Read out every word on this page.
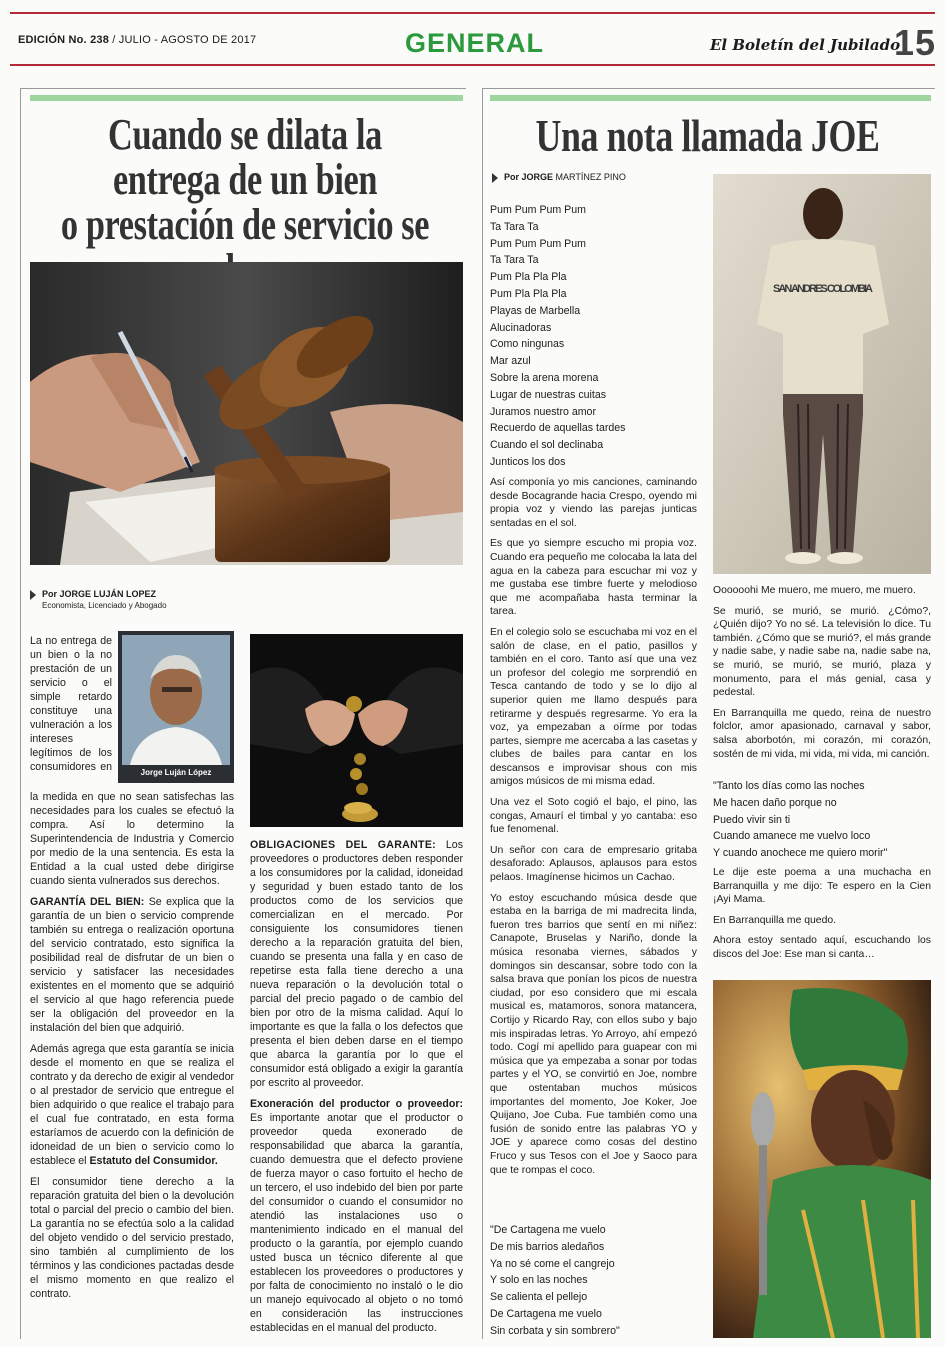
EDICIÓN No. 238 / JULIO - AGOSTO DE 2017	GENERAL	El Boletín del Jubilado
15
Cuando se dilata la entrega de un bien
o prestación de servicio se
Por JORGE LUJÁN LOPEZ
Economista, Licenciado y Abogado
Jorge Luján López
La no entrega de
un bien o la no
prestación de un
servicio o el
simple retardo
constituye una
vulneración a los
intereses
legítimos de los
consumidores en

la medida en que no sean satisfechas las necesidades para los cuales se efectuó la compra. Así lo determino la Superintendencia de Industria y Comercio por medio de la una sentencia. Es esta la Entidad a la cual usted debe dirigirse cuando sienta vulnerados sus derechos.

GARANTÍA DEL BIEN: Se explica que la garantía de un bien o servicio comprende también su entrega o realización oportuna del servicio contratado, esto significa la posibilidad real de disfrutar de un bien o servicio y satisfacer las necesidades existentes en el momento que se adquirió el servicio al que hago referencia puede ser la obligación del proveedor en la instalación del bien que adquirió.

Además agrega que esta garantía se inicia desde el momento en que se realiza el contrato y da derecho de exigir al vendedor o al prestador de servicio que entregue el bien adquirido o que realice el trabajo para el cual fue contratado, en esta forma estaríamos de acuerdo con la definición de idoneidad de un bien o servicio como lo establece el Estatuto del Consumidor.

El consumidor tiene derecho a la reparación gratuita del bien o la devolución total o parcial del precio o cambio del bien. La garantía no se efectúa solo a la calidad del objeto vendido o del servicio prestado, sino también al cumplimiento de los términos y las condiciones pactadas desde el mismo momento en que realizo el contrato.

OBLIGACIONES DEL GARANTE: Los proveedores o productores deben responder a los consumidores por la calidad, idoneidad y seguridad y buen estado tanto de los productos como de los servicios que comercializan en el mercado. Por consiguiente los consumidores tienen derecho a la reparación gratuita del bien, cuando se presenta una falla y en caso de repetirse esta falla tiene derecho a una nueva reparación o la devolución total o parcial del precio pagado o de cambio del bien por otro de la misma calidad. Aquí lo importante es que la falla o los defectos que presenta el bien deben darse en el tiempo que abarca la garantía por lo que el consumidor está obligado a exigir la garantía por escrito al proveedor.

Exoneración del productor o proveedor: Es importante anotar que el productor o proveedor queda exonerado de responsabilidad que abarca la garantía, cuando demuestra que el defecto proviene de fuerza mayor o caso fortuito el hecho de un tercero, el uso indebido del bien por parte del consumidor o cuando el consumidor no atendió las instalaciones uso o mantenimiento indicado en el manual del producto o la garantía, por ejemplo cuando usted busca un técnico diferente al que establecen los proveedores o productores y por falta de conocimiento no instaló o le dio un manejo equivocado al objeto o no tomó en consideración las instrucciones establecidas en el manual del producto.

Una nota llamada JOE
Por JORGE MARTÍNEZ PINO
Pum Pum Pum Pum
Ta Tara Ta
Pum Pum Pum Pum
Ta Tara Ta
Pum Pla Pla Pla
Pum Pla Pla Pla
Playas de Marbella
Alucinadoras
Como ningunas
Mar azul
Sobre la arena morena
Lugar de nuestras cuitas
Juramos nuestro amor
Recuerdo de aquellas tardes
Cuando el sol declinaba
Junticos los dos

Así componía yo mis canciones, caminando desde Bocagrande hacia Crespo, oyendo mi propia voz y viendo las parejas junticas sentadas en el sol.

Es que yo siempre escucho mi propia voz. Cuando era pequeño me colocaba la lata del agua en la cabeza para escuchar mi voz y me gustaba ese timbre fuerte y melodioso que me acompañaba hasta terminar la tarea.

En el colegio solo se escuchaba mi voz en el salón de clase, en el patio, pasillos y también en el coro. Tanto así que una vez un profesor del colegio me sorprendió en Tesca cantando de todo y se lo dijo al superior quien me llamo después para retirarme y después regresarme. Yo era la voz, ya empezaban a oírme por todas partes, siempre me acercaba a las casetas y clubes de bailes para cantar en los descansos e improvisar shous con mis amigos músicos de mi misma edad.

Una vez el Soto cogió el bajo, el pino, las congas, Amaurí el timbal y yo cantaba: eso fue fenomenal.

Un señor con cara de empresario gritaba desaforado: Aplausos, aplausos para estos pelaos. Imagínense hicimos un Cachao.

Yo estoy escuchando música desde que estaba en la barriga de mi madrecita linda, fueron tres barrios que sentí en mi niñez: Canapote, Bruselas y Nariño, donde la música resonaba viernes, sábados y domingos sin descansar, sobre todo con la salsa brava que ponían los picos de nuestra ciudad, por eso considero que mi escala musical es, matamoros, sonora matancera, Cortijo y Ricardo Ray, con ellos subo y bajo mis inspiradas letras. Yo Arroyo, ahí empezó todo. Cogí mi apellido para guapear con mi música que ya empezaba a sonar por todas partes y el YO, se convirtió en Joe, nombre que ostentaban muchos músicos importantes del momento, Joe Koker, Joe Quijano, Joe Cuba. Fue también como una fusión de sonido entre las palabras YO y JOE y aparece como cosas del destino Fruco y sus Tesos con el Joe y Saoco para que te rompas el coco.

"De Cartagena me vuelo
De mis barrios aledaños
Ya no sé come el cangrejo
Y solo en las noches
Se calienta el pellejo
De Cartagena me vuelo
Sin corbata y sin sombrero"
SAN ANDRES COLOMBIA

Oooooohi Me muero, me muero, me muero.

Se murió, se murió, se murió. ¿Cómo?, ¿Quién dijo? Yo no sé. La televisión lo dice. Tu también. ¿Cómo que se murió?, el más grande y nadie sabe, y nadie sabe na, nadie sabe na, se murió, se murió, se murió, plaza y monumento, para el más genial, casa y pedestal.

En Barranquilla me quedo, reina de nuestro folclor, amor apasionado, carnaval y sabor, salsa aborbotón, mi corazón, mi corazón, sostén de mi vida, mi vida, mi vida, mi canción.

"Tanto los días como las noches
Me hacen daño porque no
Puedo vivir sin ti
Cuando amanece me vuelvo loco
Y cuando anochece me quiero morir"

Le dije este poema a una muchacha en Barranquilla y me dijo: Te espero en la Cien ¡Ayi Mama.

En Barranquilla me quedo.

Ahora estoy sentado aquí, escuchando los discos del Joe: Ese man si canta…
